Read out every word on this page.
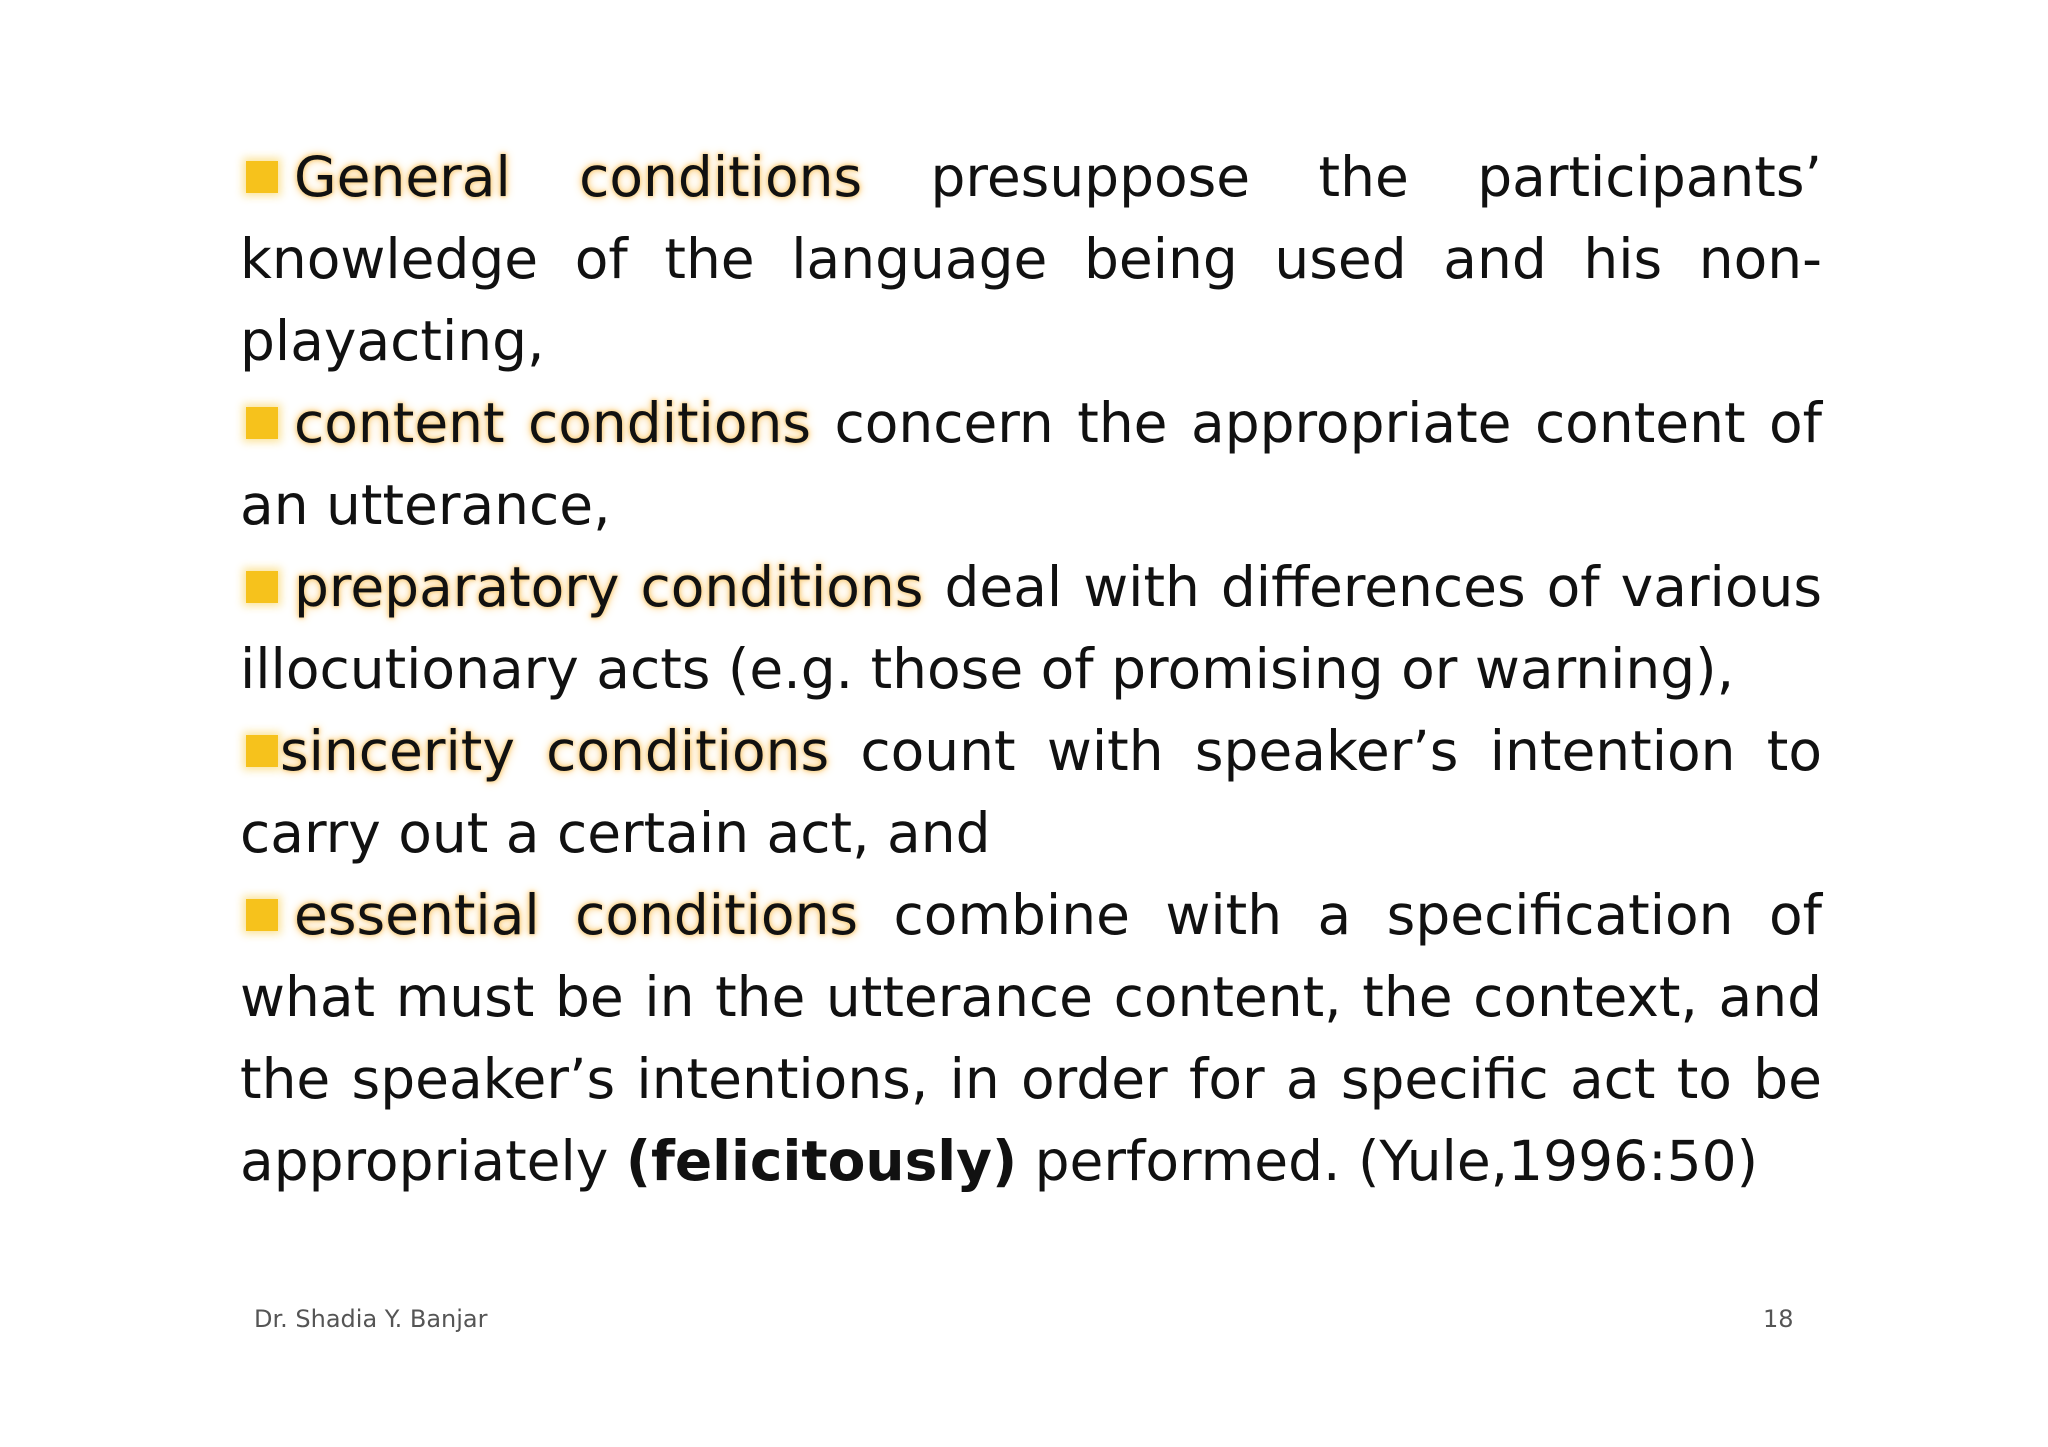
General conditions presuppose the participants’ knowledge of the language being used and his non-playacting,

content conditions concern the appropriate content of an utterance,

preparatory conditions deal with differences of various illocutionary acts (e.g. those of promising or warning),

sincerity conditions count with speaker’s intention to carry out a certain act, and

essential conditions combine with a specification of what must be in the utterance content, the context, and the speaker’s intentions, in order for a specific act to be appropriately (felicitously) performed. (Yule,1996:50)

Dr. Shadia Y. Banjar	18
